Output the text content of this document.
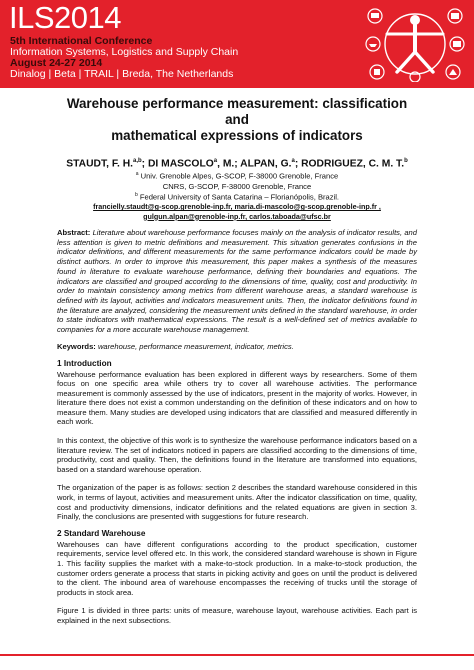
ILS2014
5th International Conference
Information Systems, Logistics and Supply Chain
August 24-27 2014
Dinalog | Beta | TRAIL | Breda, The Netherlands
Warehouse performance measurement: classification and
mathematical expressions of indicators
STAUDT, F. H.$^{a,b}$; DI MASCOLO$^a$, M.; ALPAN, G.$^a$; RODRIGUEZ, C. M. T.$^b$
$^a$ Univ. Grenoble Alpes, G-SCOP, F-38000 Grenoble, France
CNRS, G-SCOP, F-38000 Grenoble, France
$^b$ Federal University of Santa Catarina – Florianópolis, Brazil.
francielly.staudt@g-scop.grenoble-inp.fr, maria.di-mascolo@g-scop.grenoble-inp.fr ,
gulgun.alpan@grenoble-inp.fr, carlos.taboada@ufsc.br
Abstract: Literature about warehouse performance focuses mainly on the analysis of indicator results, and less attention is given to metric definitions and measurement. This situation generates confusions in the indicator definitions, and different measurements for the same performance indicators could be made by distinct authors. In order to improve this measurement, this paper makes a synthesis of the measures found in literature to evaluate warehouse performance, defining their boundaries and equations. The indicators are classified and grouped according to the dimensions of time, quality, cost and productivity. In order to maintain consistency among metrics from different warehouse areas, a standard warehouse is defined with its layout, activities and indicators measurement units. Then, the indicator definitions found in the literature are analyzed, considering the measurement units defined in the standard warehouse, in order to state indicators with mathematical expressions. The result is a well-defined set of metrics available to companies for a more accurate warehouse management.
Keywords: warehouse, performance measurement, indicator, metrics.
1 Introduction
Warehouse performance evaluation has been explored in different ways by researchers. Some of them focus on one specific area while others try to cover all warehouse activities. The performance measurement is commonly assessed by the use of indicators, present in the majority of works. However, in literature there does not exist a common understanding on the definition of these indicators and on how to measure them. Many studies are developed using indicators that are classified and measured differently in each work.
In this context, the objective of this work is to synthesize the warehouse performance indicators based on a literature review. The set of indicators noticed in papers are classified according to the dimensions of time, productivity, cost and quality. Then, the definitions found in the literature are transformed into equations, based on a standard warehouse operation.
The organization of the paper is as follows: section 2 describes the standard warehouse considered in this work, in terms of layout, activities and measurement units. After the indicator classification on time, quality, cost and productivity dimensions, indicator definitions and the related equations are given in section 3. Finally, the conclusions are presented with suggestions for future research.
2 Standard Warehouse
Warehouses can have different configurations according to the product specification, customer requirements, service level offered etc. In this work, the considered standard warehouse is shown in Figure 1. This facility supplies the market with a make-to-stock production. In a make-to-stock production, the customer orders generate a process that starts in picking activity and goes on until the product is delivered to the client. The inbound area of warehouse encompasses the receiving of trucks until the storage of products in stock area.
Figure 1 is divided in three parts: units of measure, warehouse layout, warehouse activities. Each part is explained in the next subsections.
